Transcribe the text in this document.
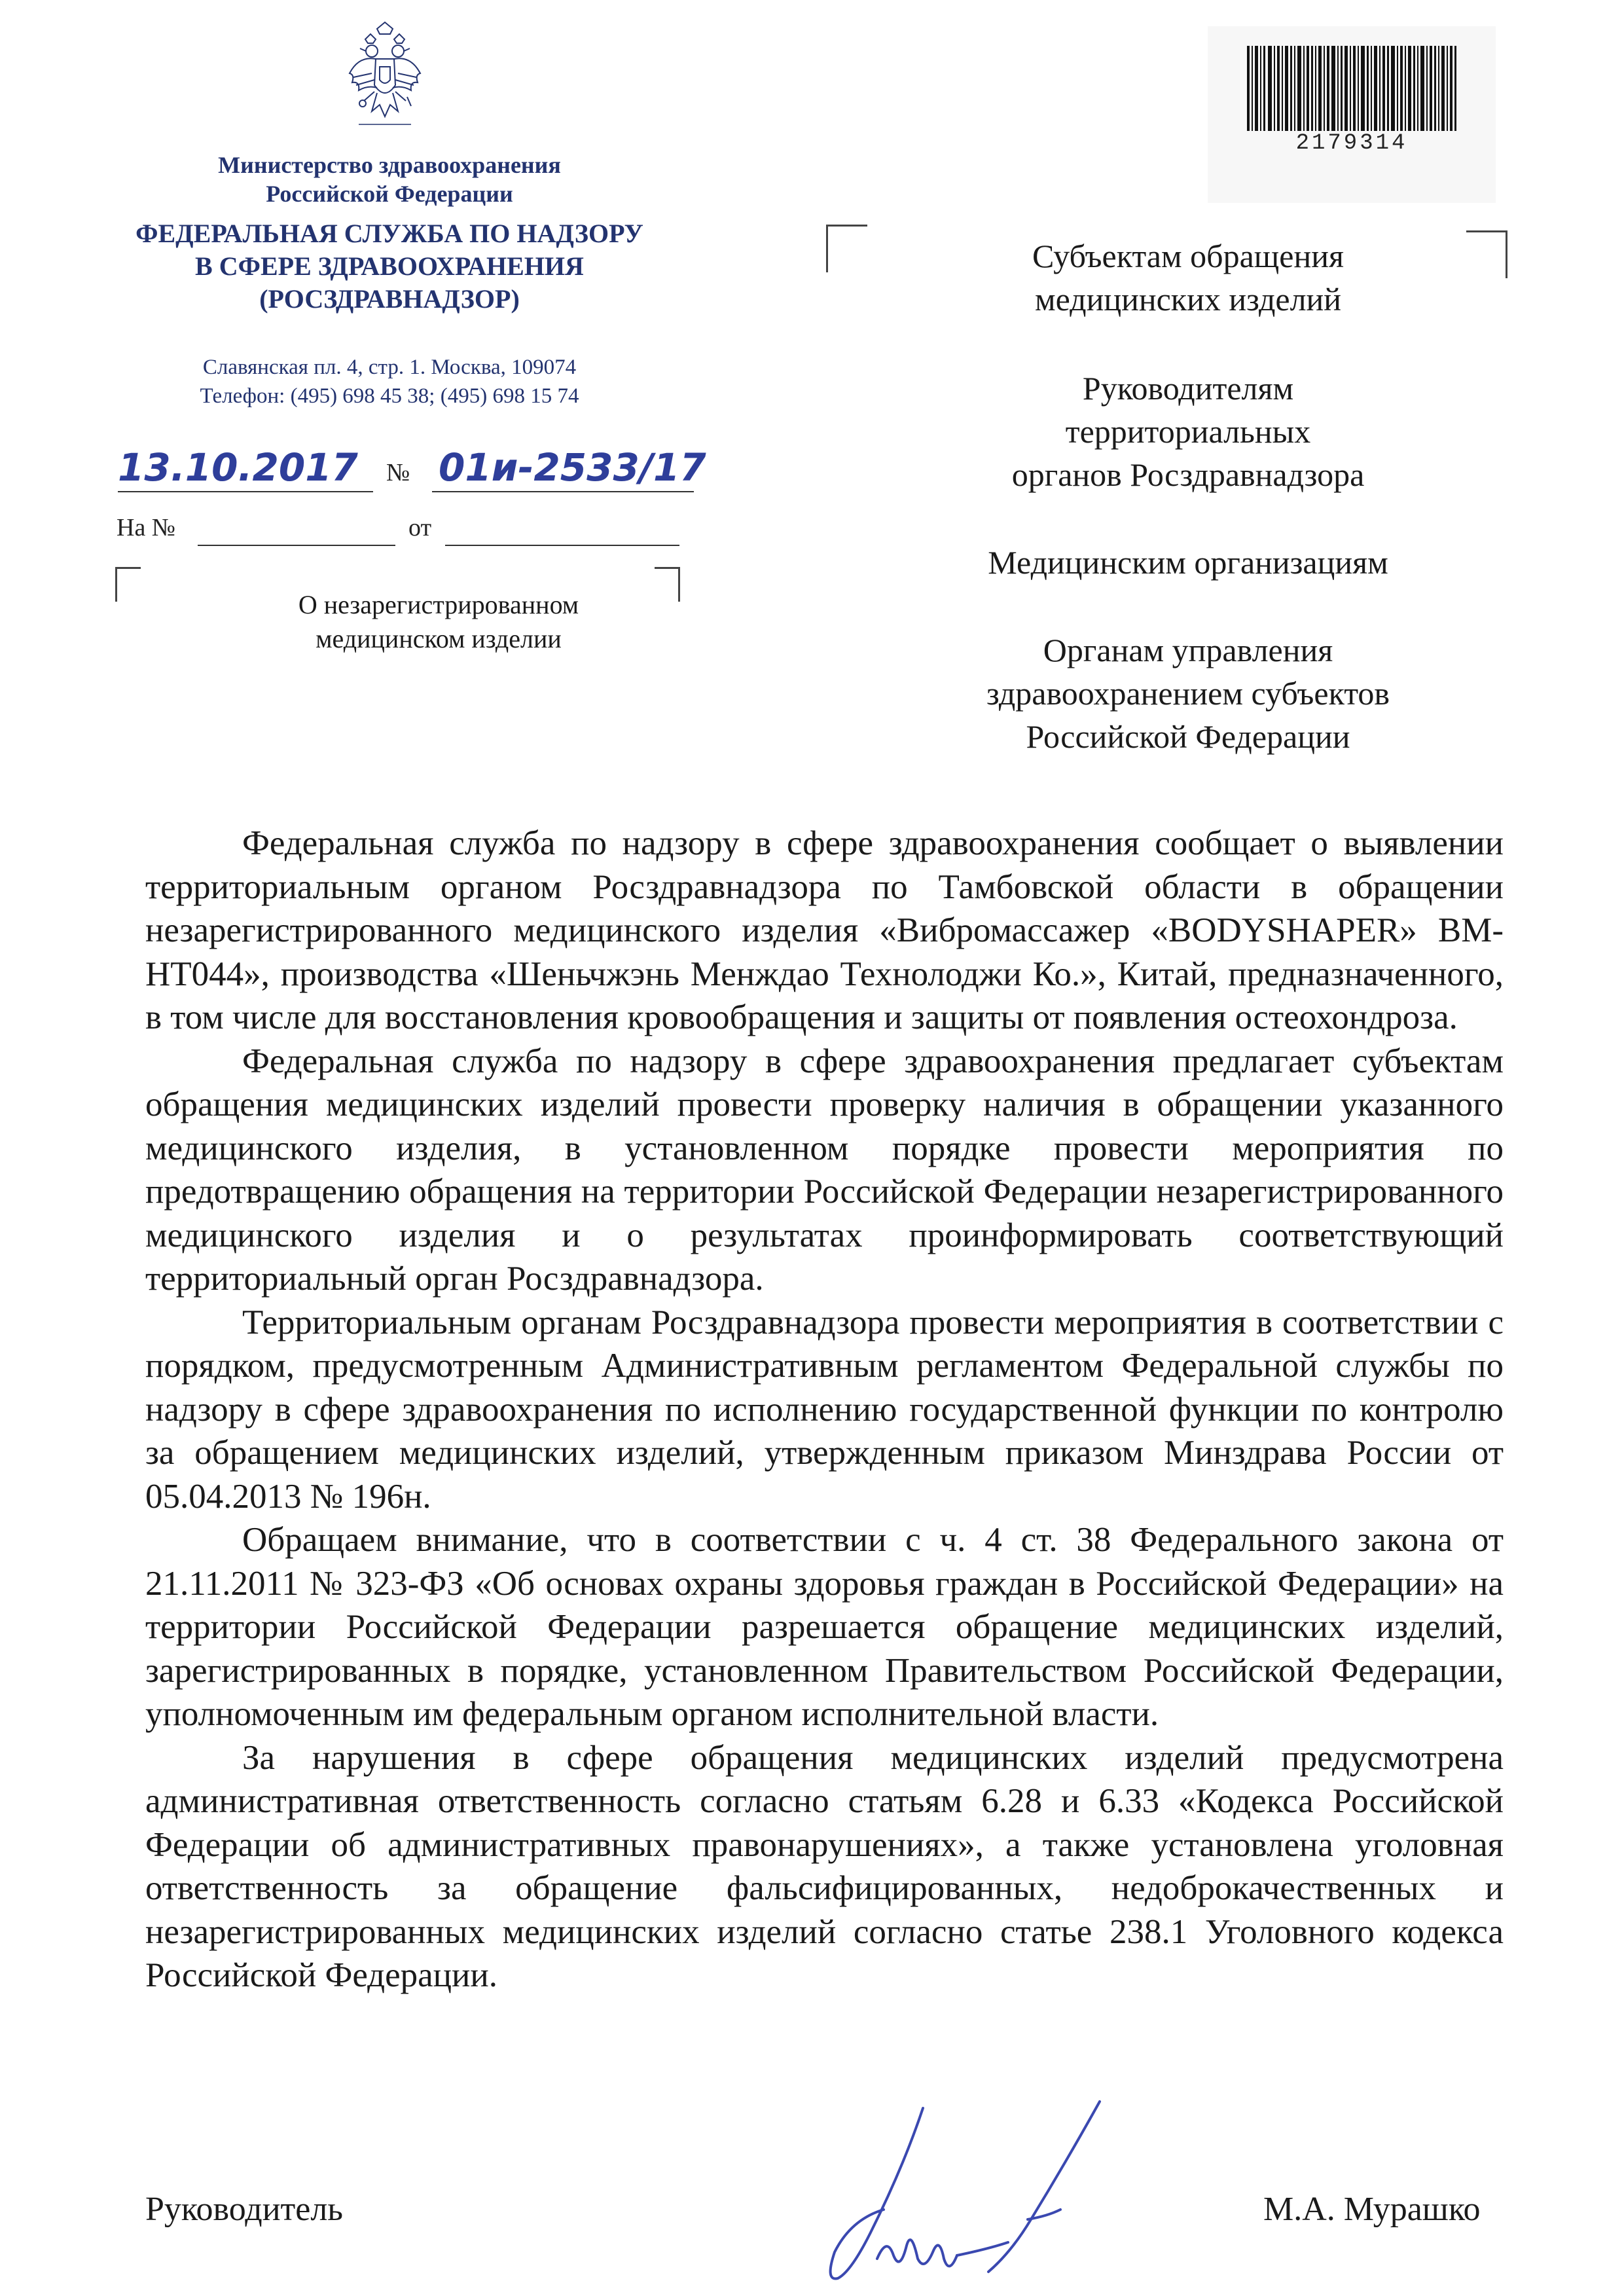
Министерство здравоохранения
Российской Федерации
ФЕДЕРАЛЬНАЯ СЛУЖБА ПО НАДЗОРУ
В СФЕРЕ ЗДРАВООХРАНЕНИЯ
(РОСЗДРАВНАДЗОР)
Славянская пл. 4, стр. 1. Москва, 109074
Телефон: (495) 698 45 38; (495) 698 15 74
13.10.2017 № 01и-2533/17
На №	от
О незарегистрированном
медицинском изделии
2179314
Субъектам обращения
медицинских изделий
Руководителям
территориальных
органов Росздравнадзора
Медицинским организациям
Органам управления
здравоохранением субъектов
Российской Федерации

Федеральная служба по надзору в сфере здравоохранения сообщает о выявлении территориальным органом Росздравнадзора по Тамбовской области в обращении незарегистрированного медицинского изделия «Вибромассажер «BODYSHAPER» BM-HT044», производства «Шеньчжэнь Менждао Технолоджи Ко.», Китай, предназначенного, в том числе для восстановления кровообращения и защиты от появления остеохондроза.

Федеральная служба по надзору в сфере здравоохранения предлагает субъектам обращения медицинских изделий провести проверку наличия в обращении указанного медицинского изделия, в установленном порядке провести мероприятия по предотвращению обращения на территории Российской Федерации незарегистрированного медицинского изделия и о результатах проинформировать соответствующий территориальный орган Росздравнадзора.

Территориальным органам Росздравнадзора провести мероприятия в соответствии с порядком, предусмотренным Административным регламентом Федеральной службы по надзору в сфере здравоохранения по исполнению государственной функции по контролю за обращением медицинских изделий, утвержденным приказом Минздрава России от 05.04.2013 № 196н.

Обращаем внимание, что в соответствии с ч. 4 ст. 38 Федерального закона от 21.11.2011 № 323-ФЗ «Об основах охраны здоровья граждан в Российской Федерации» на территории Российской Федерации разрешается обращение медицинских изделий, зарегистрированных в порядке, установленном Правительством Российской Федерации, уполномоченным им федеральным органом исполнительной власти.

За нарушения в сфере обращения медицинских изделий предусмотрена административная ответственность согласно статьям 6.28 и 6.33 «Кодекса Российской Федерации об административных правонарушениях», а также установлена уголовная ответственность за обращение фальсифицированных, недоброкачественных и незарегистрированных медицинских изделий согласно статье 238.1 Уголовного кодекса Российской Федерации.

Руководитель	М.А. Мурашко
